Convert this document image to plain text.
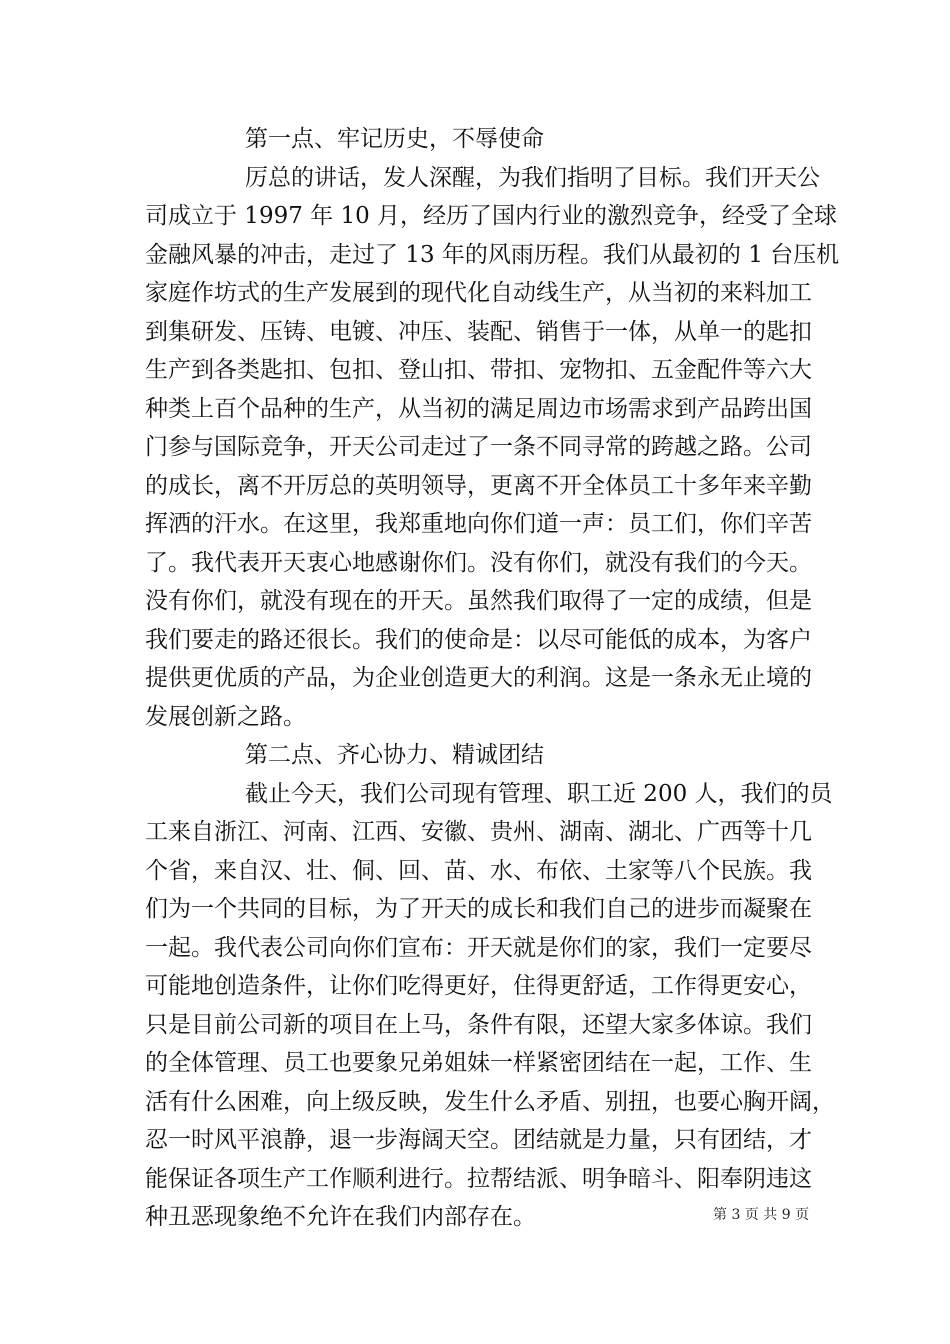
第一点、牢记历史，不辱使命
厉总的讲话，发人深醒，为我们指明了目标。我们开天公
司成立于 1997 年 10 月，经历了国内行业的激烈竞争，经受了全球
金融风暴的冲击，走过了 13 年的风雨历程。我们从最初的 1 台压机
家庭作坊式的生产发展到的现代化自动线生产，从当初的来料加工
到集研发、压铸、电镀、冲压、装配、销售于一体，从单一的匙扣
生产到各类匙扣、包扣、登山扣、带扣、宠物扣、五金配件等六大
种类上百个品种的生产，从当初的满足周边市场需求到产品跨出国
门参与国际竞争，开天公司走过了一条不同寻常的跨越之路。公司
的成长，离不开厉总的英明领导，更离不开全体员工十多年来辛勤
挥洒的汗水。在这里，我郑重地向你们道一声：员工们，你们辛苦
了。我代表开天衷心地感谢你们。没有你们，就没有我们的今天。
没有你们，就没有现在的开天。虽然我们取得了一定的成绩，但是
我们要走的路还很长。我们的使命是：以尽可能低的成本，为客户
提供更优质的产品，为企业创造更大的利润。这是一条永无止境的
发展创新之路。
第二点、齐心协力、精诚团结
截止今天，我们公司现有管理、职工近 200 人，我们的员
工来自浙江、河南、江西、安徽、贵州、湖南、湖北、广西等十几
个省，来自汉、壮、侗、回、苗、水、布依、土家等八个民族。我
们为一个共同的目标，为了开天的成长和我们自己的进步而凝聚在
一起。我代表公司向你们宣布：开天就是你们的家，我们一定要尽
可能地创造条件，让你们吃得更好，住得更舒适，工作得更安心，
只是目前公司新的项目在上马，条件有限，还望大家多体谅。我们
的全体管理、员工也要象兄弟姐妹一样紧密团结在一起，工作、生
活有什么困难，向上级反映，发生什么矛盾、别扭，也要心胸开阔，
忍一时风平浪静，退一步海阔天空。团结就是力量，只有团结，才
能保证各项生产工作顺利进行。拉帮结派、明争暗斗、阳奉阴违这
种丑恶现象绝不允许在我们内部存在。	第 3 页 共 9 页
